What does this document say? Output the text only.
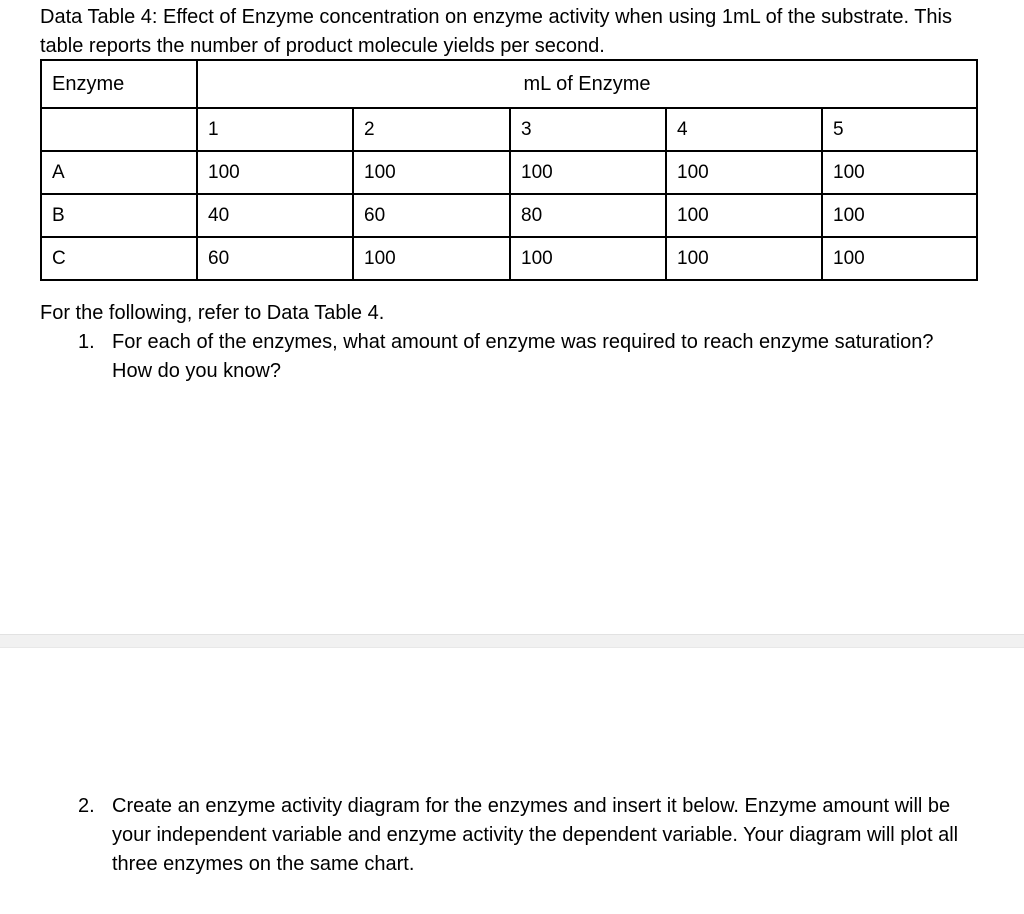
Data Table 4: Effect of Enzyme concentration on enzyme activity when using 1mL of the substrate. This table reports the number of product molecule yields per second.
Enzyme	mL of Enzyme				
	1	2	3	4	5
A	100	100	100	100	100
B	40	60	80	100	100
C	60	100	100	100	100
For the following, refer to Data Table 4.
1. For each of the enzymes, what amount of enzyme was required to reach enzyme saturation? How do you know?
2. Create an enzyme activity diagram for the enzymes and insert it below. Enzyme amount will be your independent variable and enzyme activity the dependent variable. Your diagram will plot all three enzymes on the same chart.
